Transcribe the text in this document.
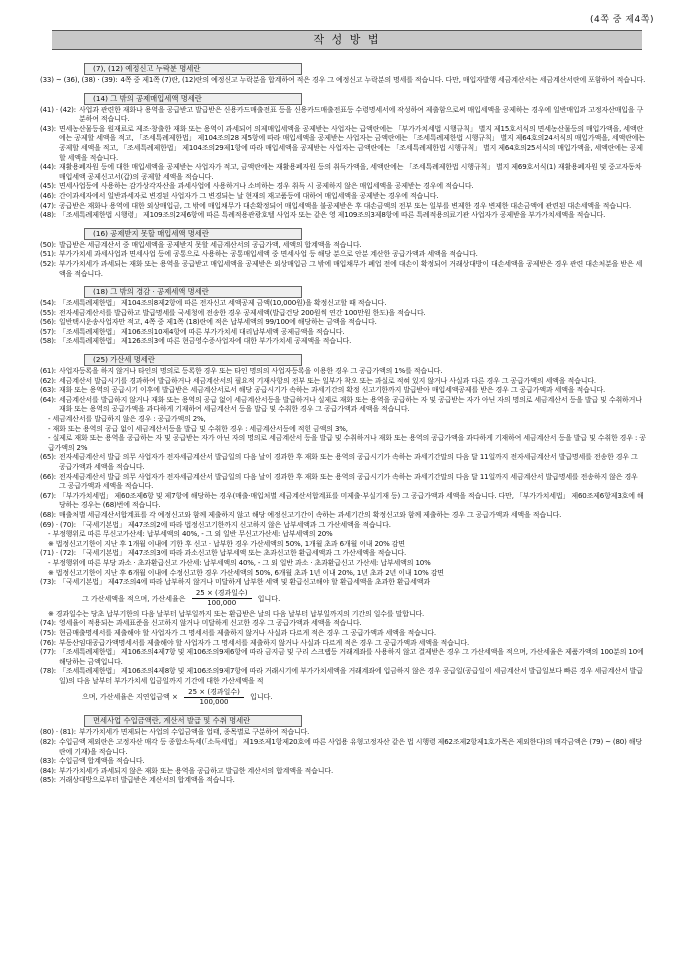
(4쪽 중 제4쪽)
작 성 방 법
(7), (12) 예정신고 누락분 명세란
(33) ~ (36), (38) · (39): 4쪽 중 제1쪽 (7)란, (12)란의 예정신고 누락분을 합계하여 적은 경우 그 예정신고 누락분의 명세를 적습니다. 다만, 매입자발행 세금계산서는 세금계산서란에 포함하여 적습니다.
(14) 그 밖의 공제매입세액 명세란
(41) · (42): 사업과 관련한 재화나 용역을 공급받고 발급받은 신용카드매출전표 등을 신용카드매출전표등 수령명세서에 작성하여 제출함으로써 매입세액을 공제하는 경우에 일반매입과 고정자산매입을 구분하여 적습니다.
(43): 면세농산물등을 원재료로 제조·창출한 재화 또는 용역이 과세되어 의제매입세액을 공제받는 사업자는 급액란에는 「부가가치세법 시행규칙」 별지 제15호서식의 면세농산물등의 매입가액을, 세액란에는 공제할 세액을 적고, 「조세특례제한법」 제104조의28 제5항에 따라 매입세액을 공제받는 사업자는 금액란에는 「조세특례제한법 시행규칙」 별지 제64호의24서식의 매입가액을, 세액란에는 공제할 세액을 적고, 「조세특례제한법」 제104조의29제1항에 따라 매입세액을 공제받는 사업자는 금액란에는 「조세특례제한법 시행규칙」 별지 제64호의25서식의 매입가액을, 세액란에는 공제할 세액을 적습니다.
(44): 재활용폐자원 등에 대한 매입세액을 공제받는 사업자가 적고, 금액란에는 재활용폐자원 등의 취득가액을, 세액란에는 「조세특례제한법 시행규칙」 별지 제69호서식(1) 재활용폐자원 및 중고자동차 매입세액 공제신고서(갑)의 공제할 세액을 적습니다.
(45): 면세사업등에 사용하는 감가상각자산을 과세사업에 사용하거나 소비하는 경우 취득 시 공제하지 않은 매입세액을 공제받는 경우에 적습니다.
(46): 간이과세자에서 일반과세자로 변경된 사업자가 그 변경되는 날 현재의 재고품등에 대하여 매입세액을 공제받는 경우에 적습니다.
(47): 공급받은 재화나 용역에 대한 외상매입금, 그 밖에 매입채무가 대손확정되어 매입세액을 불공제받은 후 대손금액의 전부 또는 일부를 변제한 경우 변제한 대손금액에 관련된 대손세액을 적습니다.
(48): 「조세특례제한법 시행령」 제109조의2제6항에 따른 특례적용관광호텔 사업자 또는 같은 영 제109조의3제8항에 따른 특례적용의료기관 사업자가 공제받을 부가가치세액을 적습니다.
(16) 공제받지 못할 매입세액 명세란
(50): 발급받은 세금계산서 중 매입세액을 공제받지 못할 세금계산서의 공급가액, 세액의 합계액을 적습니다.
(51): 부가가치세 과세사업과 면세사업 등에 공통으로 사용하는 공통매입세액 중 면세사업 등 해당 분으로 안분 계산한 공급가액과 세액을 적습니다.
(52): 부가가치세가 과세되는 재화 또는 용역을 공급받고 매입세액을 공제받은 외상매입금 그 밖에 매입채무가 폐업 전에 대손이 확정되어 거래상대방이 대손세액을 공제받은 경우 관련 대손처분을 받은 세액을 적습니다.
(18) 그 밖의 경감 · 공제세액 명세란
(54): 「조세특례제한법」 제104조의8제2항에 따른 전자신고 세액공제 금액(10,000원)을 확정신고할 때 적습니다.
(55): 전자세금계산서를 발급하고 발급명세를 국세청에 전송한 경우 공제세액(발급건당 200원씩 연간 100만원 한도)을 적습니다.
(56): 일반택시운송사업자만 적고, 4쪽 중 제1쪽 (18)란에 적은 납부세액의 99/100에 해당하는 금액을 적습니다.
(57): 「조세특례제한법」 제106조의10제4항에 따른 부가가치세 대리납부세액 공제금액을 적습니다.
(58): 「조세특례제한법」 제126조의3에 따른 현금영수증사업자에 대한 부가가치세 공제액을 적습니다.
(25) 가산세 명세란
(61): 사업자등록을 하지 않거나 타인의 명의로 등록한 경우 또는 타인 명의의 사업자등록을 이용한 경우 그 공급가액의 1%를 적습니다.
(62): 세금계산서 발급시기를 경과하여 발급하거나 세금계산서의 필요적 기재사항의 전부 또는 일부가 착오 또는 과실로 적혀 있지 않거나 사실과 다른 경우 그 공급가액의 세액을 적습니다.
(63): 재화 또는 용역의 공급시기 이후에 발급받은 세금계산서로서 해당 공급시기가 속하는 과세기간의 확정 신고기한까지 발급받아 매입세액공제를 받은 경우 그 공급가액과 세액을 적습니다.
(64): 세금계산서를 발급하지 않거나 재화 또는 용역의 공급 없이 세금계산서등을 발급하거나 실제로 재화 또는 용역을 공급하는 자 및 공급받는 자가 아닌 자의 명의로 세금계산서 등을 발급 및 수취하거나 재화 또는 용역의 공급가액을 과다하게 기재하여 세금계산서 등을 발급 및 수취한 경우 그 공급가액과 세액을 적습니다.
- 세금계산서를 발급하지 않은 경우 : 공급가액의 2%,
- 재화 또는 용역의 공급 없이 세금계산서등을 발급 및 수취한 경우 : 세금계산서등에 적힌 금액의 3%,
- 실제로 재화 또는 용역을 공급하는 자 및 공급받는 자가 아닌 자의 명의로 세금계산서 등을 발급 및 수취하거나 재화 또는 용역의 공급가액을 과다하게 기재하여 세금계산서 등을 발급 및 수취한 경우 : 공급가액의 2%
(65): 전자세금계산서 발급 의무 사업자가 전자세금계산서 발급일의 다음 날이 경과한 후 재화 또는 용역의 공급시기가 속하는 과세기간말의 다음 달 11일까지 전자세금계산서 발급명세를 전송한 경우 그 공급가액과 세액을 적습니다.
(66): 전자세금계산서 발급 의무 사업자가 전자세금계산서 발급일의 다음 날이 경과한 후 재화 또는 용역의 공급시기가 속하는 과세기간말의 다음 달 11일까지 세금계산서 발급명세를 전송하지 않은 경우 그 공급가액과 세액을 적습니다.
(67): 「부가가치세법」 제60조제6항 및 제7항에 해당하는 경우(매출·매입처별 세금계산서합계표를 미제출·부실기재 등) 그 공급가액과 세액을 적습니다. 다만, 「부가가치세법」 제60조제6항제3호에 해당하는 경우는 (68)번에 적습니다.
(68): 매출처별 세금계산서합계표를 각 예정신고와 함께 제출하지 않고 해당 예정신고기간이 속하는 과세기간의 확정신고와 함께 제출하는 경우 그 공급가액과 세액을 적습니다.
(69) · (70): 「국세기본법」 제47조의2에 따라 법정신고기한까지 신고하지 않은 납부세액과 그 가산세액을 적습니다.
- 부정행위로 따른 무신고가산세: 납부세액의 40%, - 그 외 일반 무신고가산세: 납부세액의 20%
※ 법정신고기한이 지난 후 1개월 이내에 기한 후 신고 · 납부한 경우 가산세액의 50%, 1개월 초과 6개월 이내 20% 감면
(71) · (72): 「국세기본법」 제47조의3에 따라 과소신고한 납부세액 또는 초과신고한 환급세액과 그 가산세액을 적습니다.
- 부정행위에 따른 부당 과소 · 초과환급신고 가산세: 납부세액의 40%, - 그 외 일반 과소 · 초과환급신고 가산세: 납부세액의 10%
※ 법정신고기한이 지난 후 6개월 이내에 수정신고한 경우 가산세액의 50%, 6개월 초과 1년 이내 20%, 1년 초과 2년 이내 10% 감면
(73): 「국세기본법」 제47조의4에 따라 납부하지 않거나 미달하게 납부한 세액 및 환급신고해야 할 환급세액을 초과한 환급세액과
그 가산세액을 적으며, 가산세율은 $\frac{\text{25 × (경과일수)}}{100,000}$ 입니다.
※ 경과일수는 당초 납부기한의 다음 날부터 납부일까지 또는 환급받은 날의 다음 날부터 납부일까지의 기간의 일수를 말합니다.
(74): 영세율이 적용되는 과세표준을 신고하지 않거나 미달하게 신고한 경우 그 공급가액과 세액을 적습니다.
(75): 현금매출명세서를 제출해야 할 사업자가 그 명세서를 제출하지 않거나 사실과 다르게 적은 경우 그 공급가액과 세액을 적습니다.
(76): 부동산임대공급가액명세서를 제출해야 할 사업자가 그 명세서를 제출하지 않거나 사실과 다르게 적은 경우 그 공급가액과 세액을 적습니다.
(77): 「조세특례제한법」 제106조의4제7항 및 제106조의9제6항에 따라 금지금 및 구리 스크랩등 거래계좌를 사용하지 않고 결제받은 경우 그 가산세액을 적으며, 가산세율은 제품가액의 100분의 10에 해당하는 금액입니다.
(78): 「조세특례제한법」 제106조의4제8항 및 제106조의9제7항에 따라 거래시기에 부가가치세액을 거래계좌에 입금하지 않은 경우 공급일(공급일이 세금계산서 발급일보다 빠른 경우 세금계산서 발급일)의 다음 날부터 부가가치세 입금일까지 기간에 대한 가산세액을 적
으며, 가산세율은 지연입금액 × $\frac{\text{25 × (경과일수)}}{100,000}$ 입니다.
면세사업 수입금액란, 계산서 발급 및 수취 명세란
(80) · (81): 부가가치세가 면제되는 사업의 수입금액을 업태, 종목별로 구분하여 적습니다.
(82): 수입금액 제외란은 고정자산 매각 등 종합소득세(「소득세법」 제19조제1항제20호에 따른 사업용 유형고정자산 같은 법 시행령 제62조제2항제1호가목은 제외한다)의 매각금액은 (79) ~ (80) 해당란에 기재)을 적습니다.
(83): 수입금액 합계액을 적습니다.
(84): 부가가치세가 과세되지 않은 재화 또는 용역을 공급하고 발급한 계산서의 합계액을 적습니다.
(85): 거래상대방으로부터 발급받은 계산서의 합계액을 적습니다.
